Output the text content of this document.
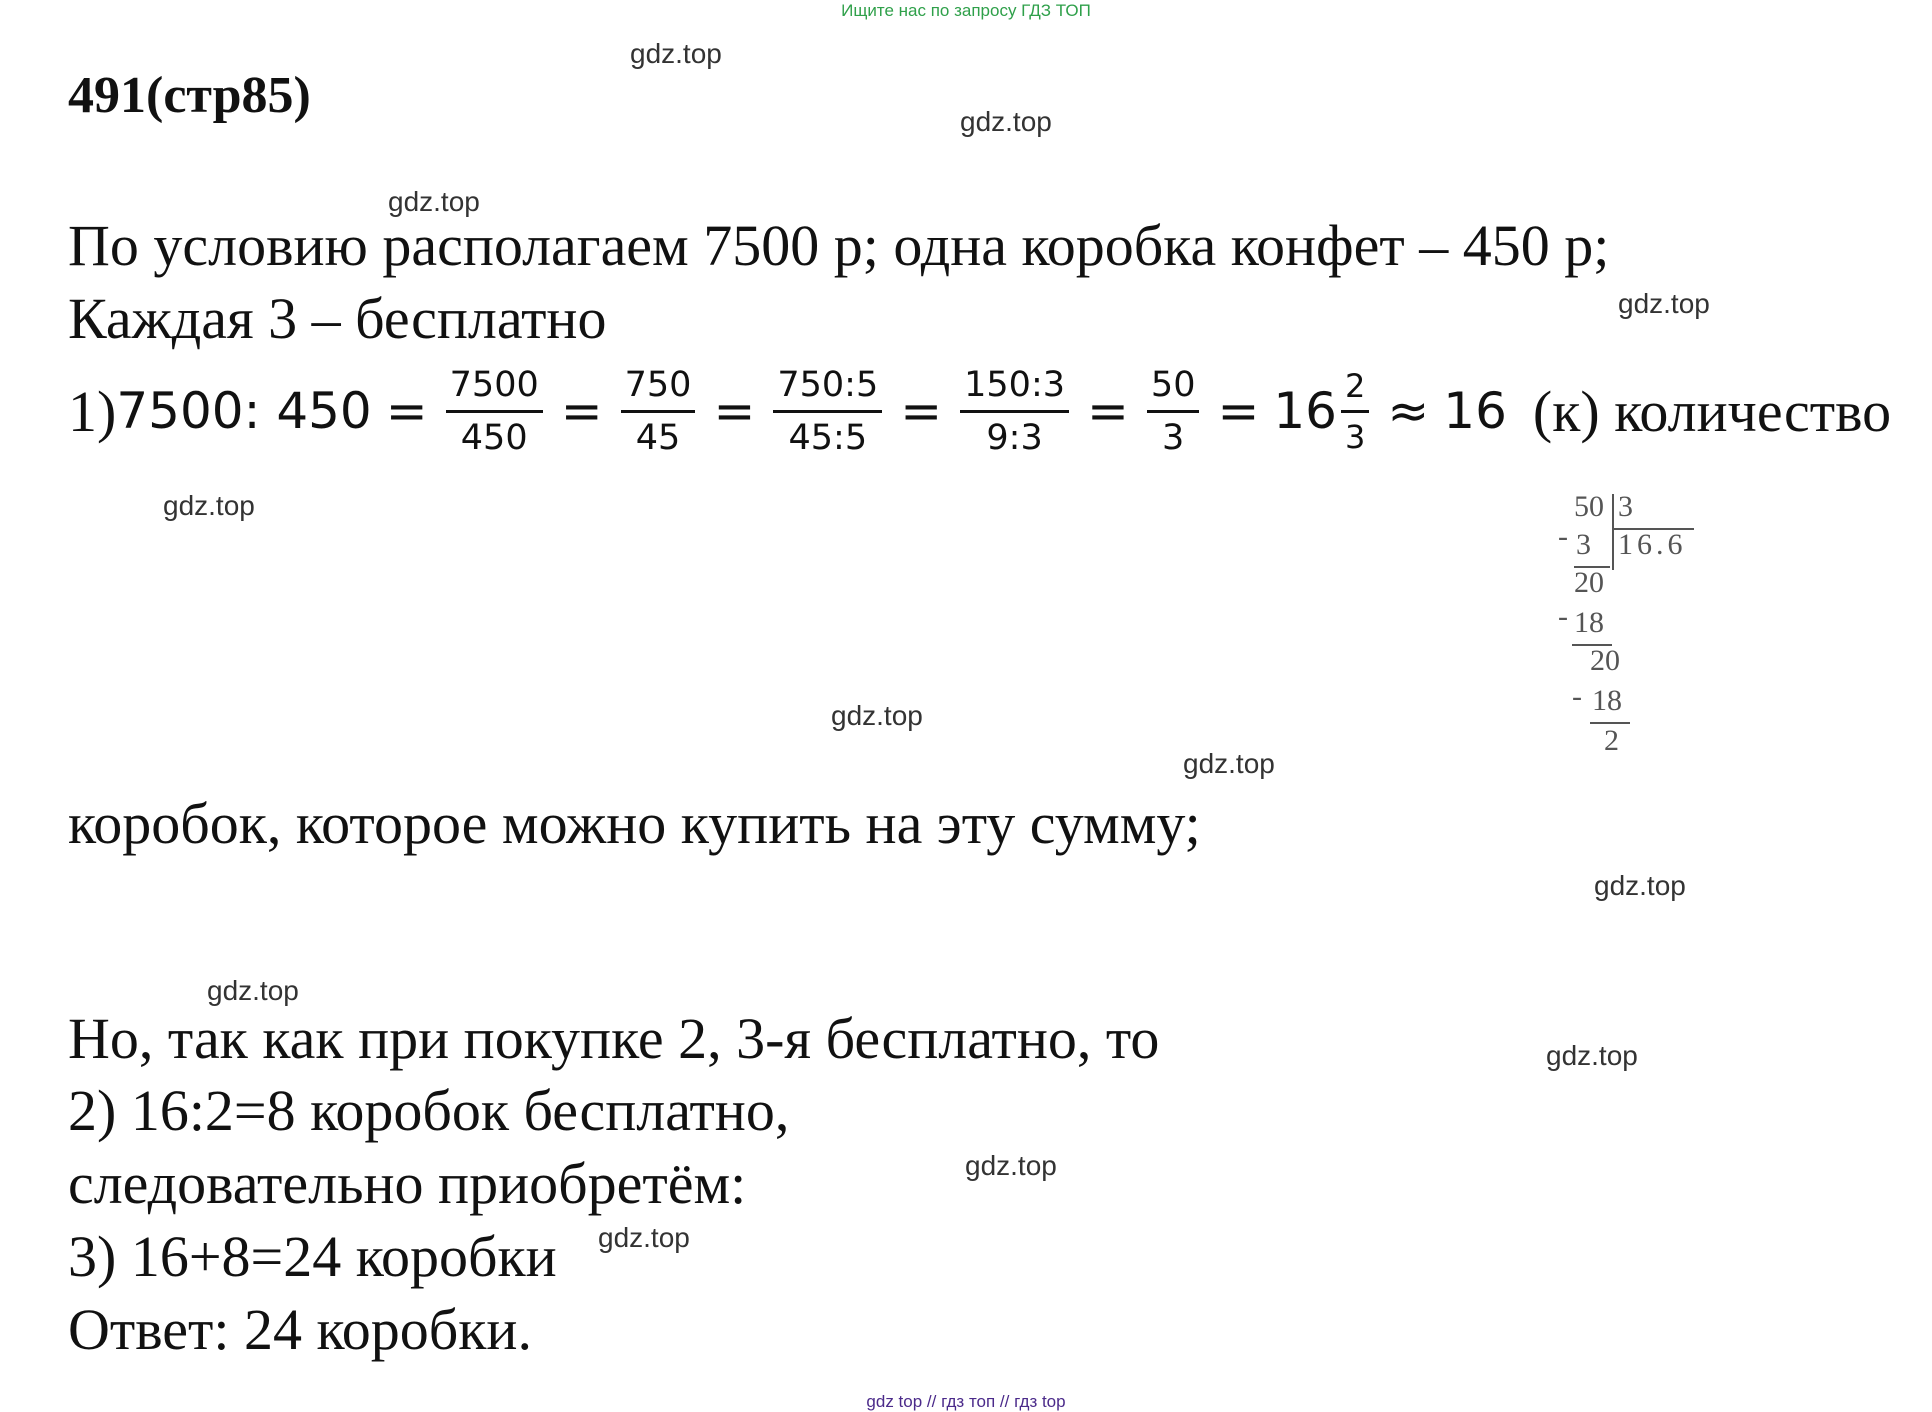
Ищите нас по запросу ГДЗ ТОП
491(стр85)
По условию располагаем 7500 р; одна коробка конфет – 450 р;
Каждая 3 – бесплатно
1) 7500: $450 = \frac{7500}{450} = \frac{750}{45} = \frac{750:5}{45:5} = \frac{150:3}{9:3} = \frac{50}{3} = 16 \frac{2}{3} \approx 16$ (к) количество
50 3
16.6
- 3
20
- 18
20
- 18
2
коробок, которое можно купить на эту сумму;
Но, так как при покупке 2, 3-я бесплатно, то
2) 16:2=8 коробок бесплатно,
следовательно приобретём:
3) 16+8=24 коробки
Ответ: 24 коробки.
gdz.top
gdz.top
gdz.top
gdz.top
gdz.top
gdz.top
gdz.top
gdz.top
gdz.top
gdz.top
gdz.top
gdz.top
gdz top // гдз топ // гдз top
